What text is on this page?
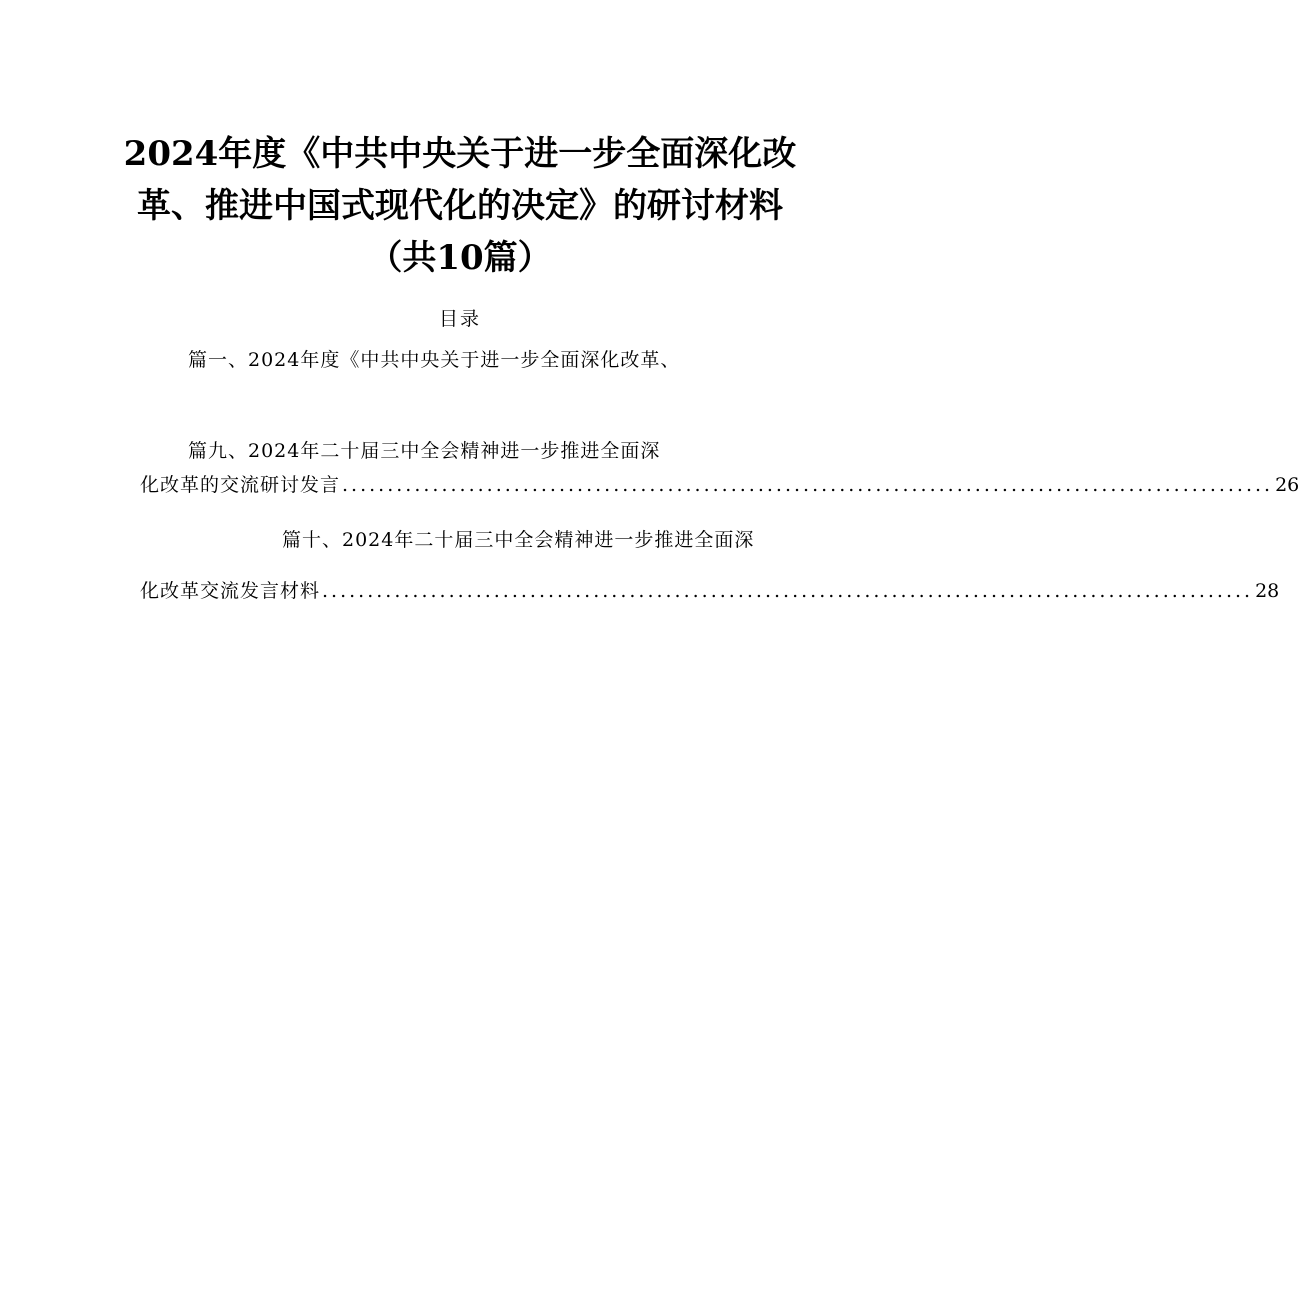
2024年度《中共中央关于进一步全面深化改
革、推进中国式现代化的决定》的研讨材料
（共10篇）
目录
篇一、2024年度《中共中央关于进一步全面深化改革、
篇九、2024年二十届三中全会精神进一步推进全面深
化改革的交流研讨发言 ....................................................................................................... 26
篇十、2024年二十届三中全会精神进一步推进全面深
化改革交流发言材料 ....................................................................................................... 28
